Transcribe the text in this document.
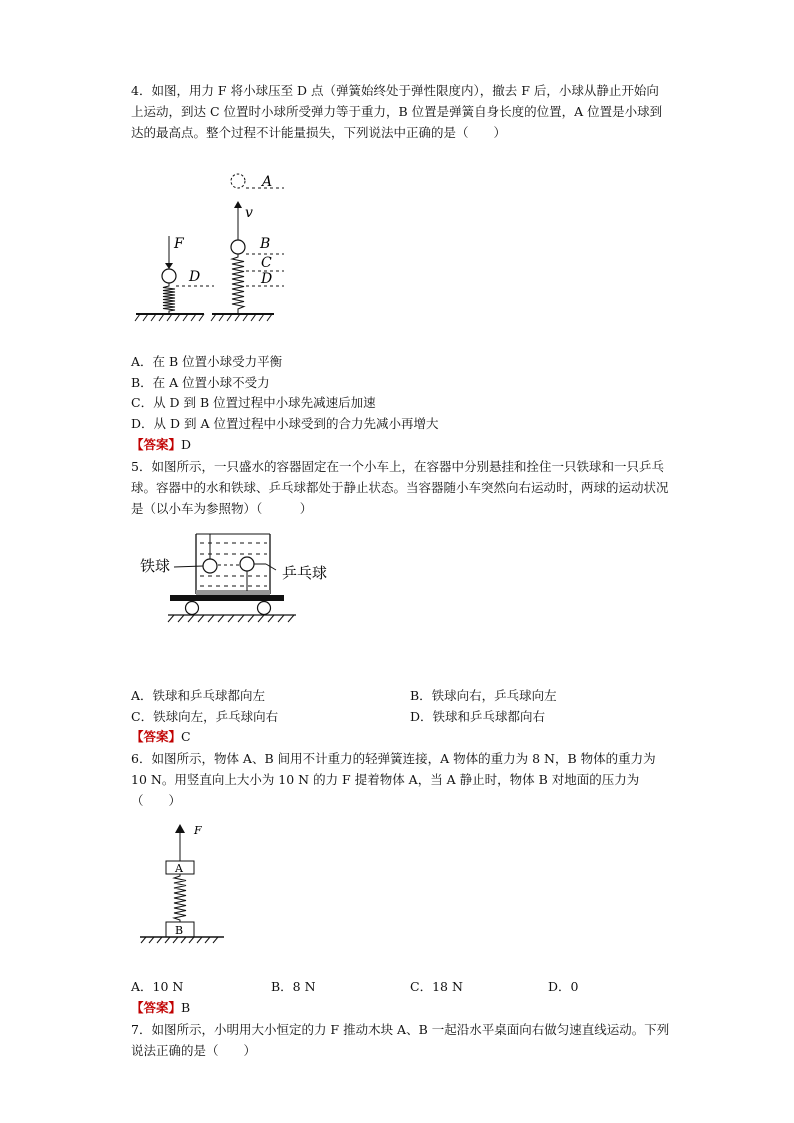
4．如图，用力 F 将小球压至 D 点（弹簧始终处于弹性限度内），撤去 F 后，小球从静止开始向上运动，到达 C 位置时小球所受弹力等于重力，B 位置是弹簧自身长度的位置，A 位置是小球到达的最高点。整个过程不计能量损失，下列说法中正确的是（　　）

F
D
v
A
B
C
D
A．在 B 位置小球受力平衡
B．在 A 位置小球不受力
C．从 D 到 B 位置过程中小球先减速后加速
D．从 D 到 A 位置过程中小球受到的合力先减小再增大
【答案】D

5．如图所示，一只盛水的容器固定在一个小车上，在容器中分别悬挂和拴住一只铁球和一只乒乓球。容器中的水和铁球、乒乓球都处于静止状态。当容器随小车突然向右运动时，两球的运动状况是（以小车为参照物）（　　　）

铁球	乒乓球
A．铁球和乒乓球都向左	B．铁球向右，乒乓球向左
C．铁球向左，乒乓球向右	D．铁球和乒乓球都向右
【答案】C

6．如图所示，物体 A、B 间用不计重力的轻弹簧连接，A 物体的重力为 8 N，B 物体的重力为 10 N。用竖直向上大小为 10 N 的力 F 提着物体 A，当 A 静止时，物体 B 对地面的压力为（　　）

F
A
B
A．10 N	B．8 N	C．18 N	D．0
【答案】B

7．如图所示，小明用大小恒定的力 F 推动木块 A、B 一起沿水平桌面向右做匀速直线运动。下列说法正确的是（　　）
